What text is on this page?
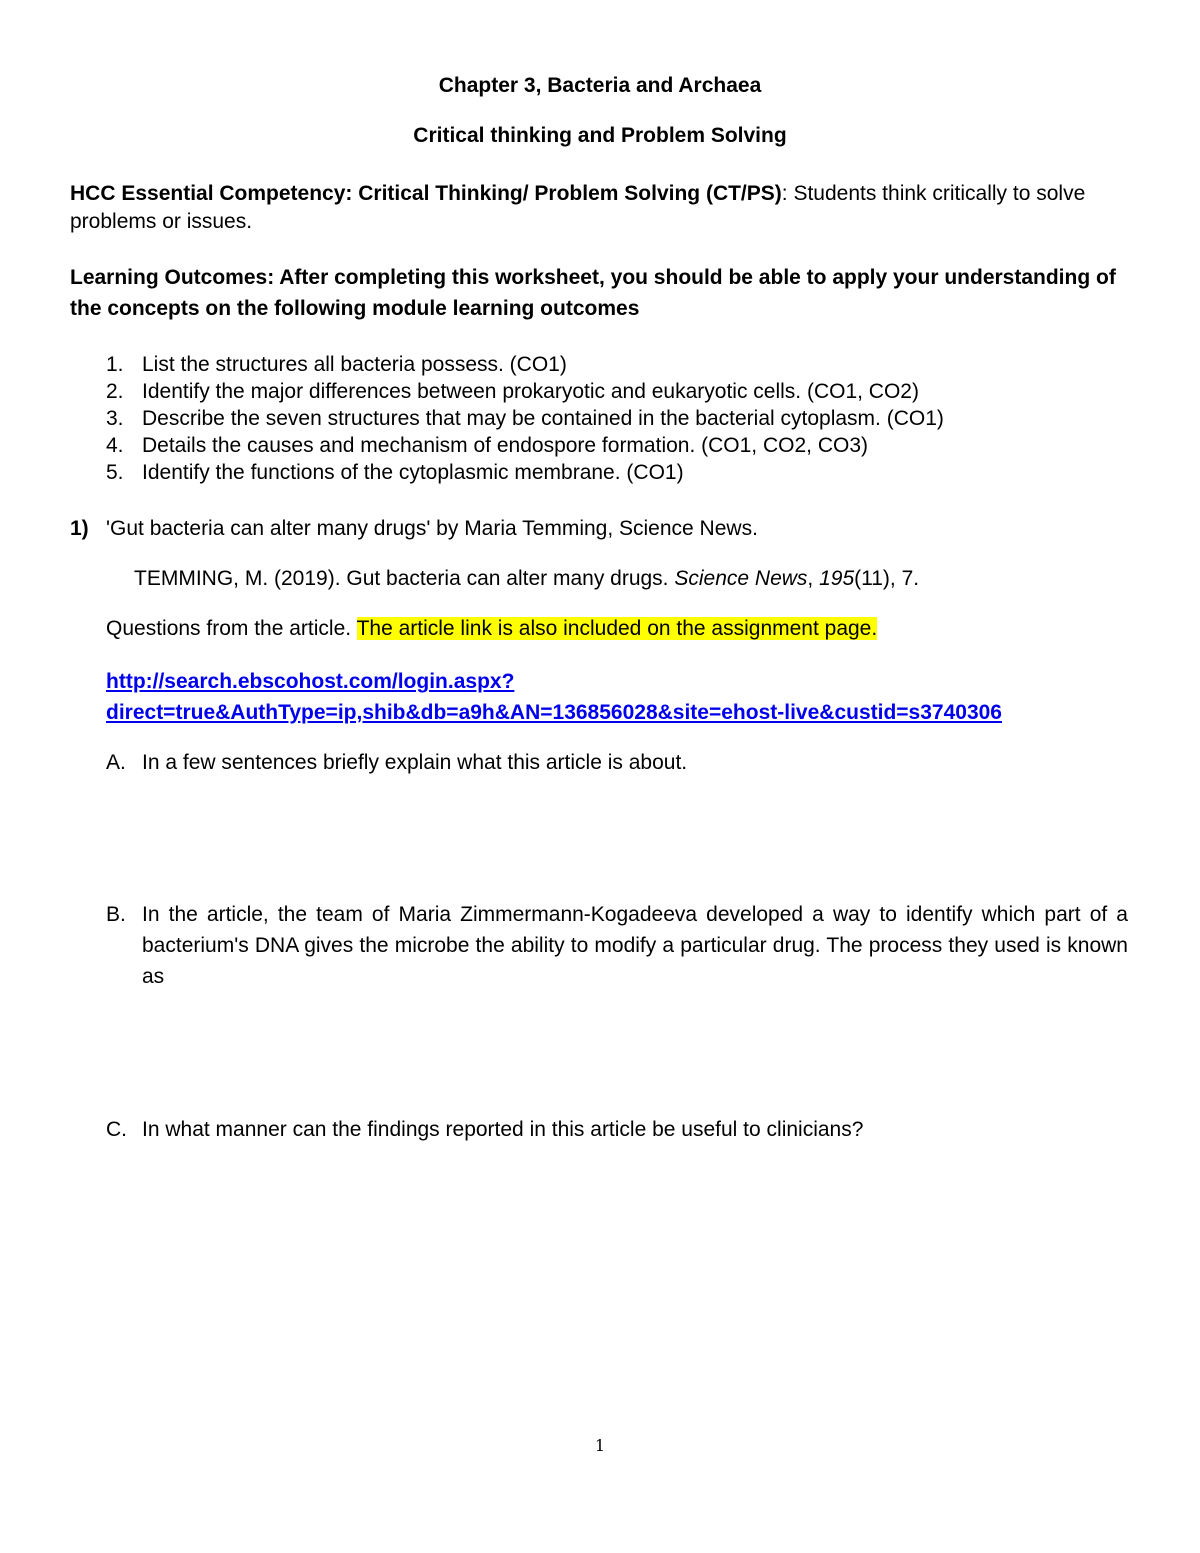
Chapter 3, Bacteria and Archaea
Critical thinking and Problem Solving
HCC Essential Competency: Critical Thinking/ Problem Solving (CT/PS): Students think critically to solve problems or issues.
Learning Outcomes: After completing this worksheet, you should be able to apply your understanding of the concepts on the following module learning outcomes
1. List the structures all bacteria possess. (CO1)
2. Identify the major differences between prokaryotic and eukaryotic cells. (CO1, CO2)
3. Describe the seven structures that may be contained in the bacterial cytoplasm. (CO1)
4. Details the causes and mechanism of endospore formation. (CO1, CO2, CO3)
5. Identify the functions of the cytoplasmic membrane. (CO1)
1) 'Gut bacteria can alter many drugs' by Maria Temming, Science News.
TEMMING, M. (2019). Gut bacteria can alter many drugs. Science News, 195(11), 7.
Questions from the article. The article link is also included on the assignment page.
http://search.ebscohost.com/login.aspx?
direct=true&AuthType=ip,shib&db=a9h&AN=136856028&site=ehost-live&custid=s3740306
A. In a few sentences briefly explain what this article is about.
B. In the article, the team of Maria Zimmermann-Kogadeeva developed a way to identify which part of a bacterium's DNA gives the microbe the ability to modify a particular drug. The process they used is known as
C. In what manner can the findings reported in this article be useful to clinicians?
1
